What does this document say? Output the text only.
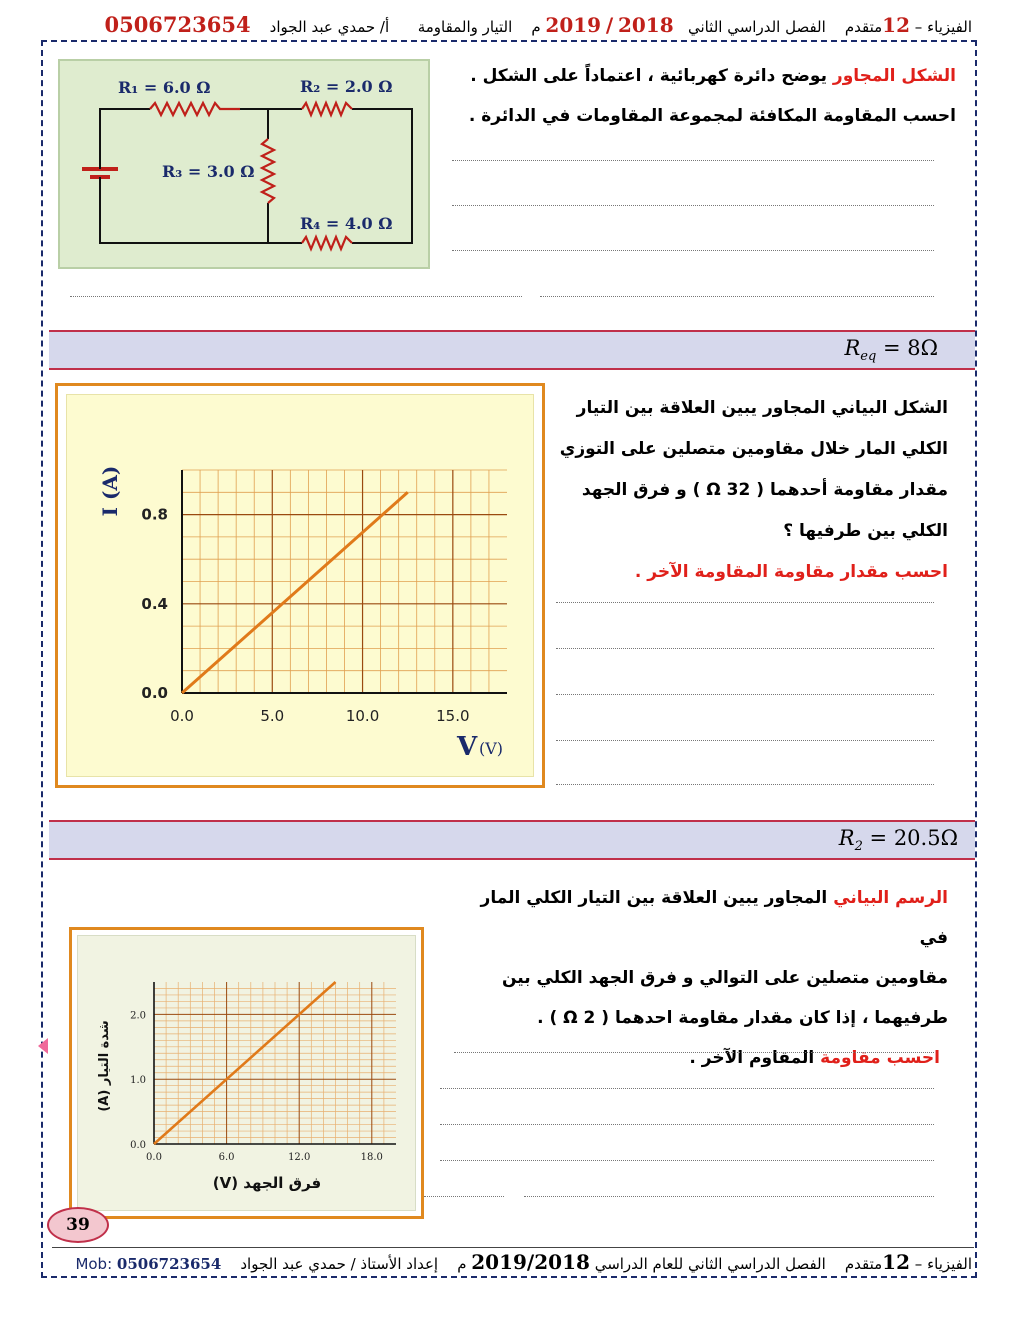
الفيزياء – 12متقدم    الفصل الدراسي الثاني   2018 / 2019 م    التيار والمقاومة      أ/ حمدي عبد الجواد    0506723654
الشكل المجاور يوضح دائرة كهربائية ، اعتماداً على الشكل .
احسب المقاومة المكافئة لمجموعة المقاومات في الدائرة .
R₁ = 6.0 Ω	R₂ = 2.0 Ω
R₃ = 3.0 Ω
R₄ = 4.0 Ω
$R_{eq} = 8\Omega$
الشكل البياني المجاور يبين العلاقة بين التيار
الكلي المار خلال مقاومين متصلين على التوزي
مقدار مقاومة أحدهما ( 32 Ω ) و فرق الجهد
الكلي بين طرفيها ؟
احسب مقدار مقاومة المقاومة الآخر .
0.0	5.0	10.0	15.0
0.0
0.4
0.8
V (V)
I (A)
$R_2 = 20.5\Omega$
الرسم البياني المجاور يبين العلاقة بين التيار الكلي المار في
مقاومين متصلين على التوالي و فرق الجهد الكلي بين
طرفيهما ، إذا كان مقدار مقاومة احدهما ( 2 Ω ) .
احسب مقاومة المقاوم الآخر .
0.0	6.0	12.0	18.0
0.0
1.0
2.0
فرق الجهد (V)
شدة التيار (A)
39
الفيزياء – 12متقدم    الفصل الدراسي الثاني للعام الدراسي 2019/2018 م    إعداد الأستاذ / حمدي عبد الجواد    Mob: 0506723654
